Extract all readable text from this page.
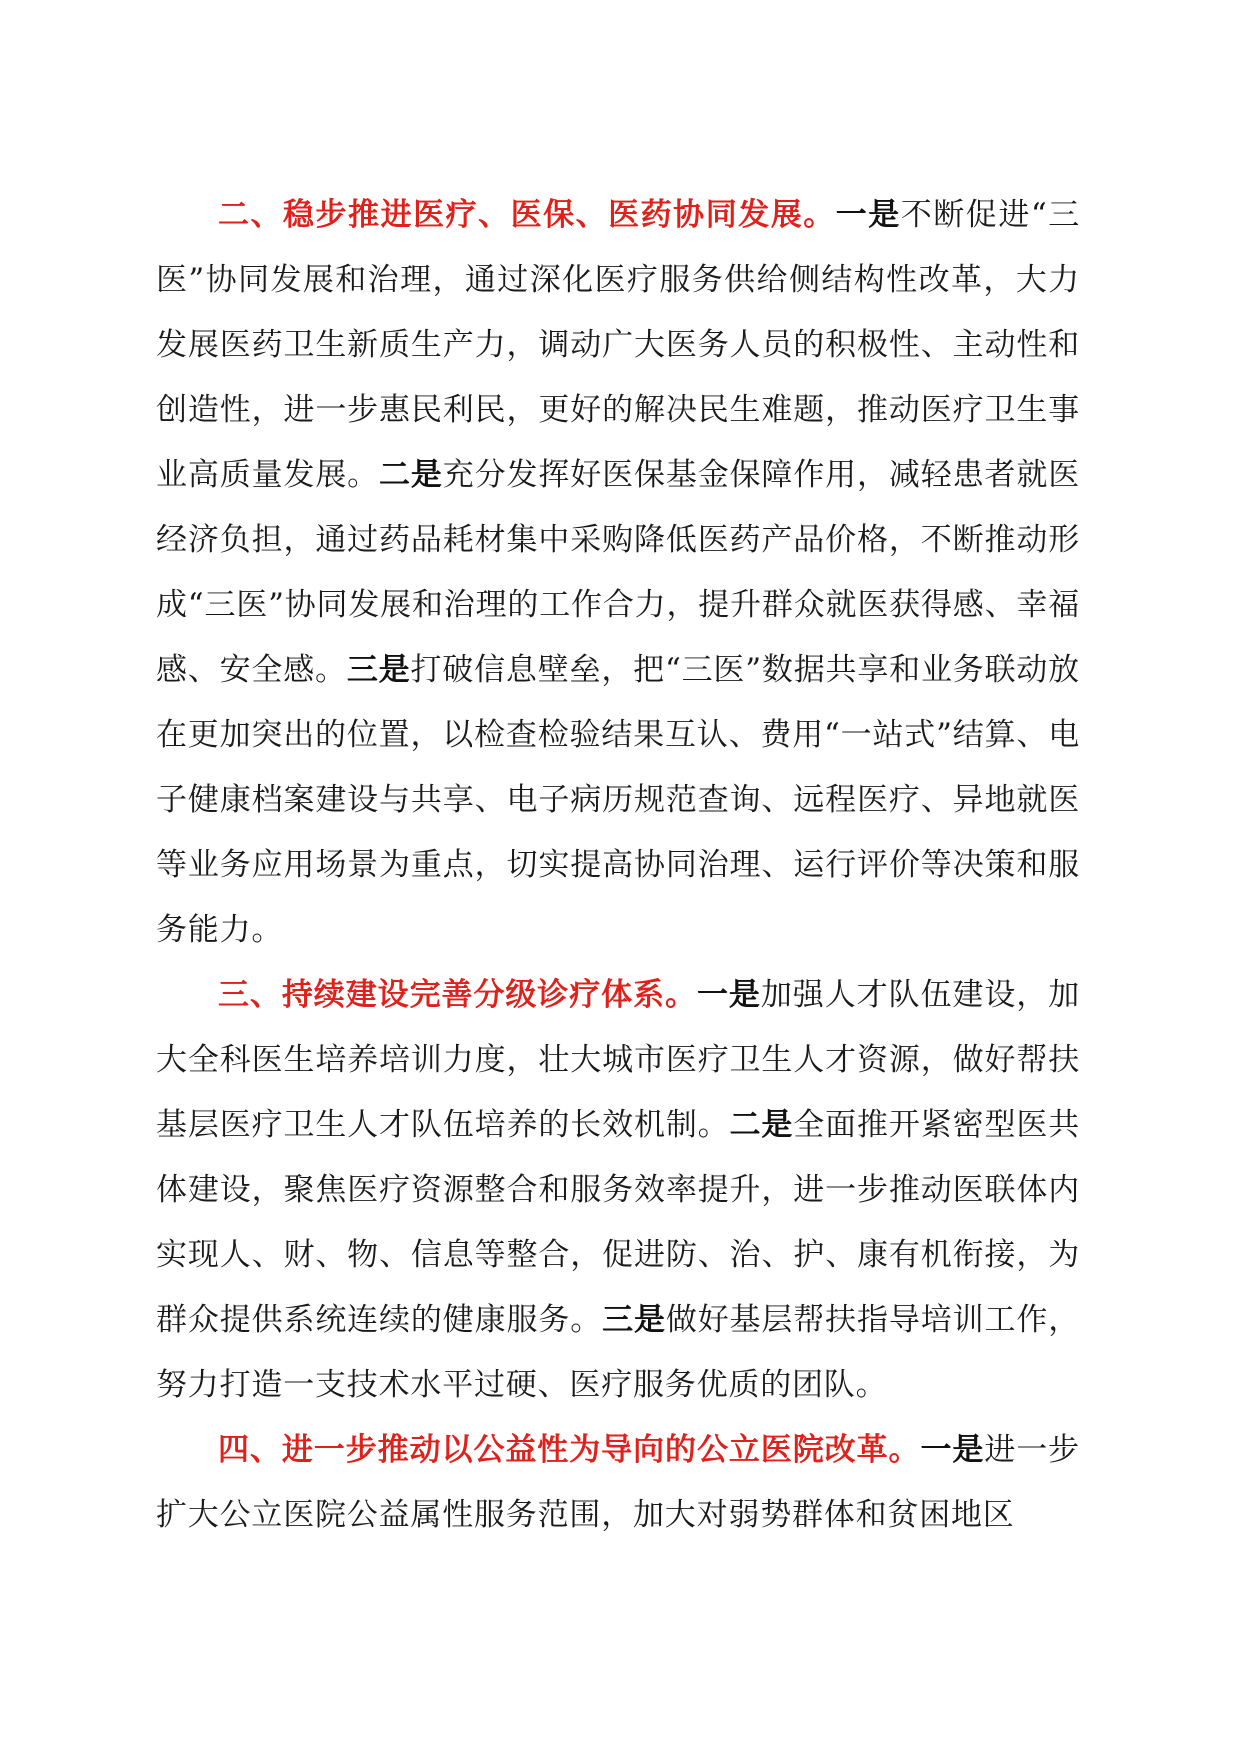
二、稳步推进医疗、医保、医药协同发展。一是不断促进“三医”协同发展和治理，通过深化医疗服务供给侧结构性改革，大力发展医药卫生新质生产力，调动广大医务人员的积极性、主动性和创造性，进一步惠民利民，更好的解决民生难题，推动医疗卫生事业高质量发展。二是充分发挥好医保基金保障作用，减轻患者就医经济负担，通过药品耗材集中采购降低医药产品价格，不断推动形成“三医”协同发展和治理的工作合力，提升群众就医获得感、幸福感、安全感。三是打破信息壁垒，把“三医”数据共享和业务联动放在更加突出的位置，以检查检验结果互认、费用“一站式”结算、电子健康档案建设与共享、电子病历规范查询、远程医疗、异地就医等业务应用场景为重点，切实提高协同治理、运行评价等决策和服务能力。

三、持续建设完善分级诊疗体系。一是加强人才队伍建设，加大全科医生培养培训力度，壮大城市医疗卫生人才资源，做好帮扶基层医疗卫生人才队伍培养的长效机制。二是全面推开紧密型医共体建设，聚焦医疗资源整合和服务效率提升，进一步推动医联体内实现人、财、物、信息等整合，促进防、治、护、康有机衔接，为群众提供系统连续的健康服务。三是做好基层帮扶指导培训工作，努力打造一支技术水平过硬、医疗服务优质的团队。

四、进一步推动以公益性为导向的公立医院改革。一是进一步扩大公立医院公益属性服务范围，加大对弱势群体和贫困地区
